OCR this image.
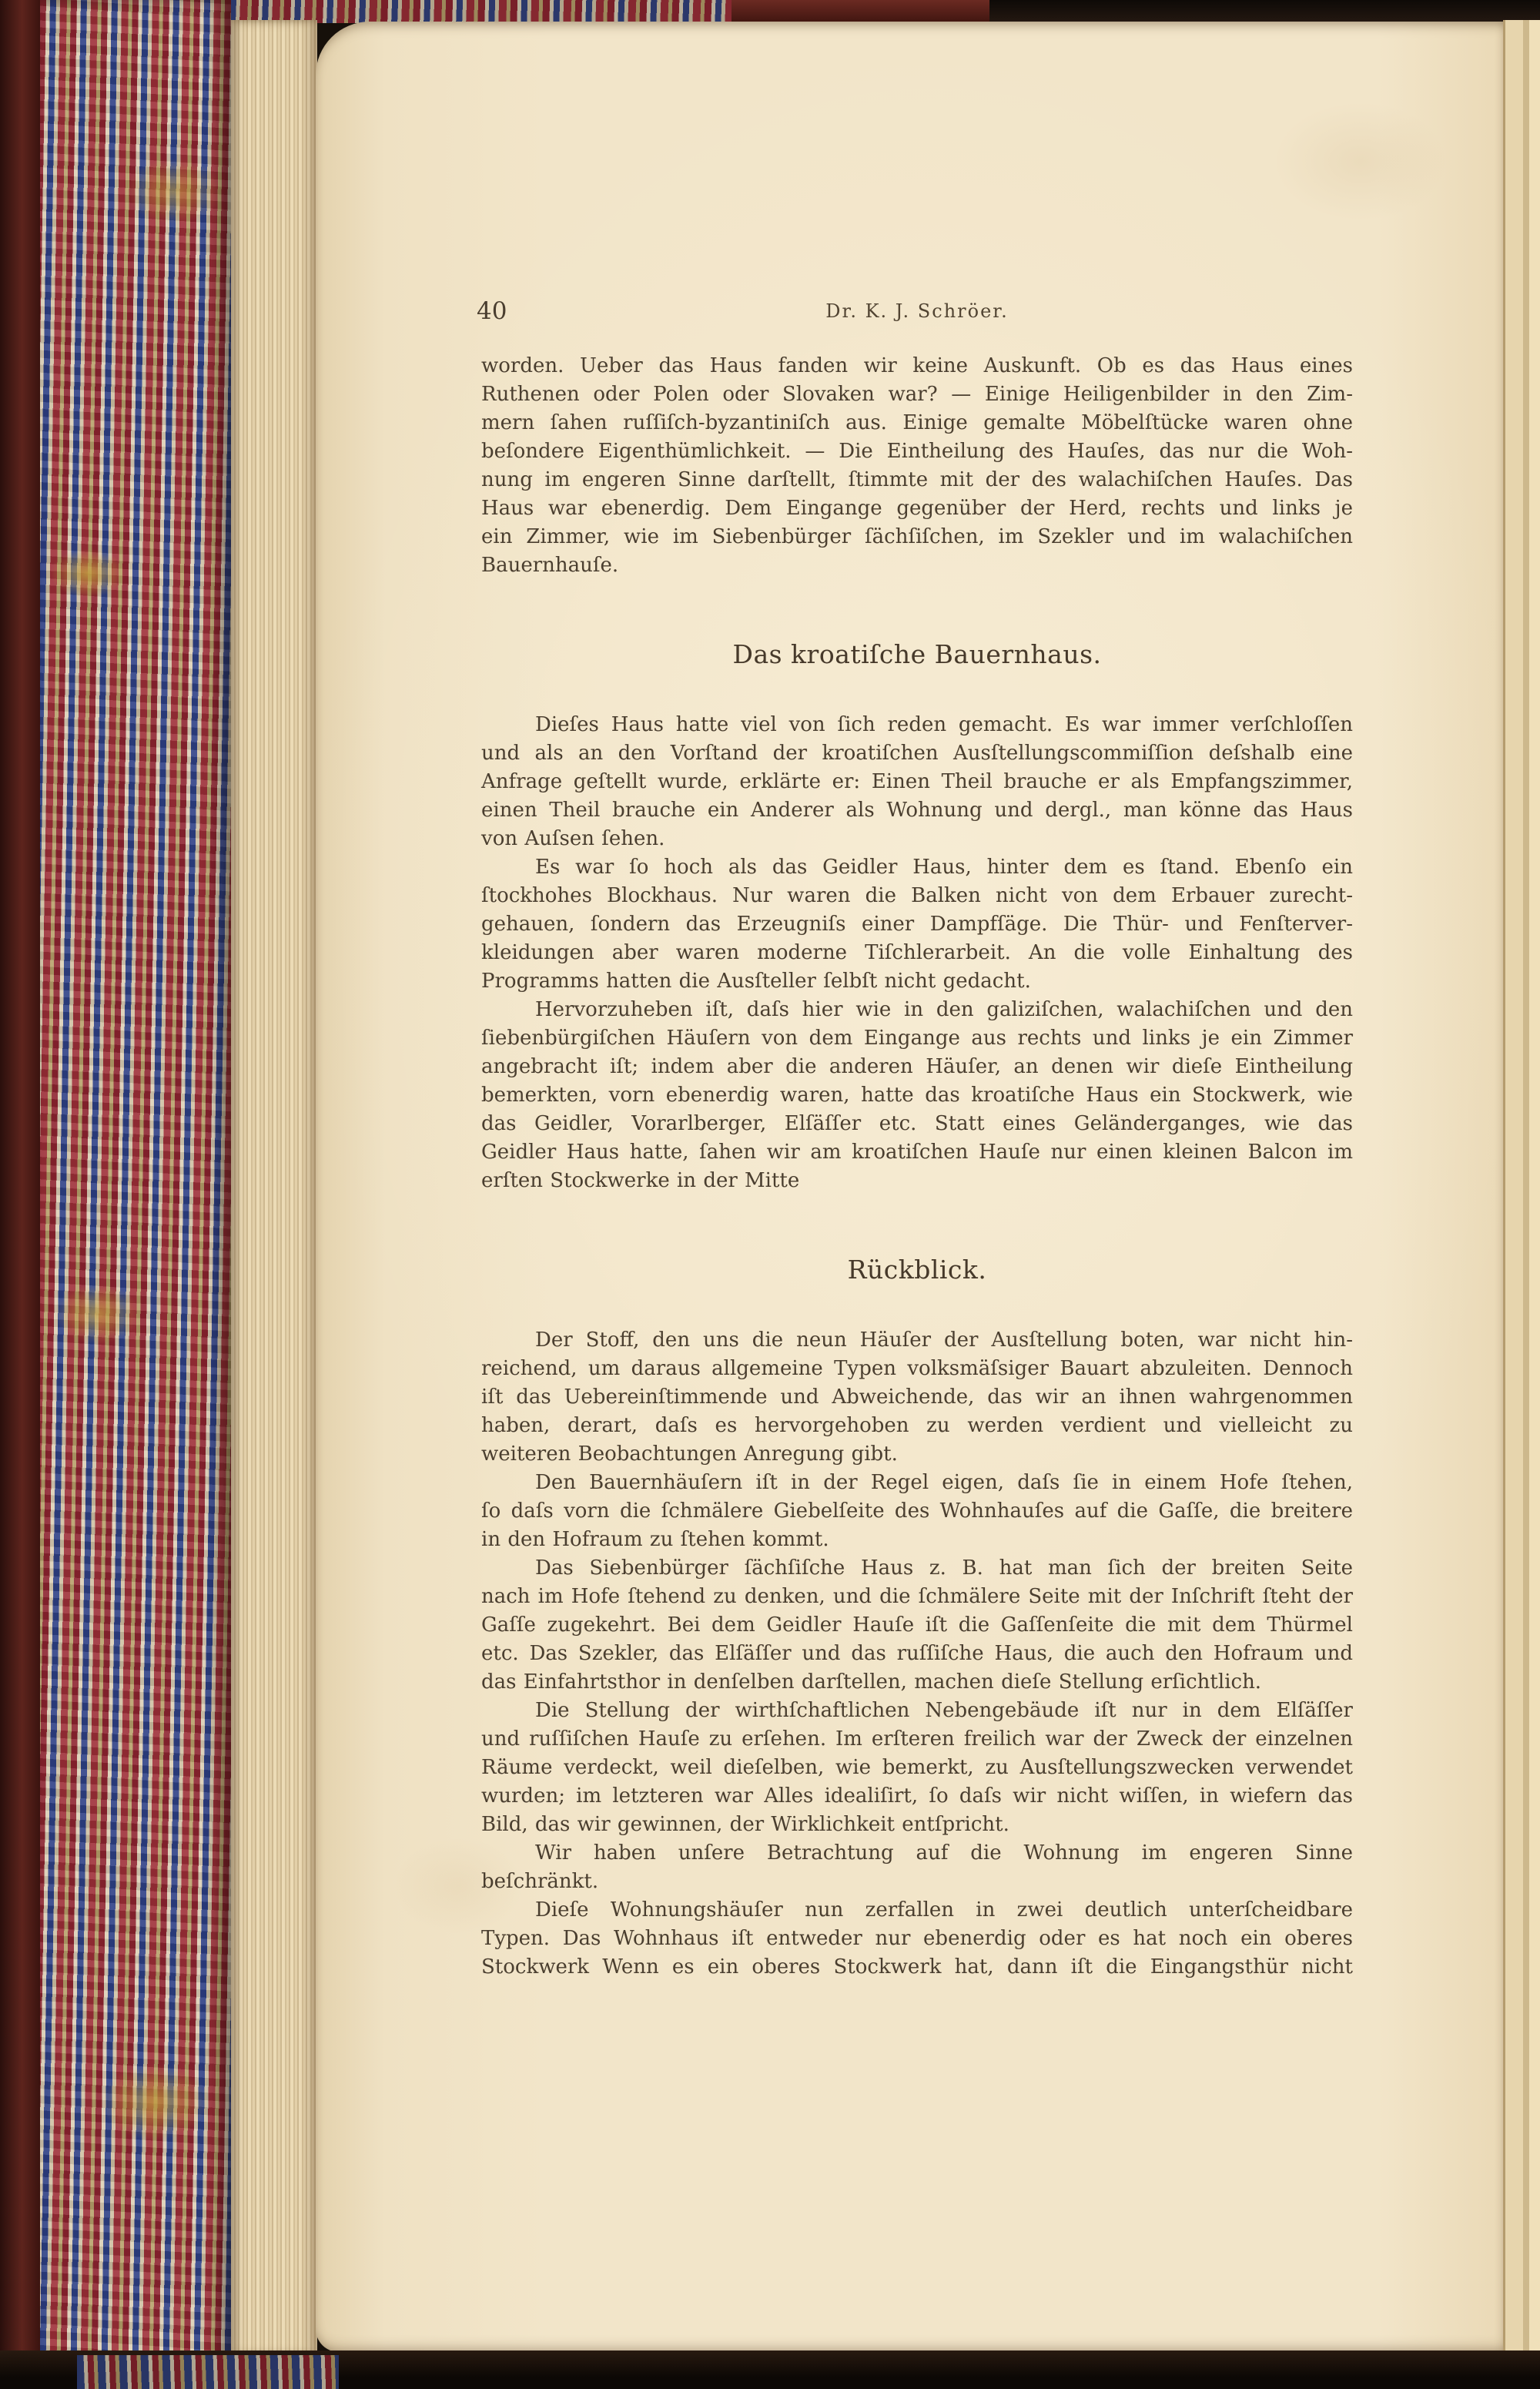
40	Dr. K. J. Schröer.
worden. Ueber das Haus fanden wir keine Auskunft. Ob es das Haus eines
Ruthenen oder Polen oder Slovaken war? — Einige Heiligenbilder in den Zim-
mern ſahen ruſſiſch-byzantiniſch aus. Einige gemalte Möbelſtücke waren ohne
beſondere Eigenthümlichkeit. — Die Eintheilung des Hauſes, das nur die Woh-
nung im engeren Sinne darſtellt, ſtimmte mit der des walachiſchen Hauſes. Das
Haus war ebenerdig. Dem Eingange gegenüber der Herd, rechts und links je
ein Zimmer, wie im Siebenbürger ſächſiſchen, im Szekler und im walachiſchen
Bauernhauſe.
Das kroatiſche Bauernhaus.
Dieſes Haus hatte viel von ſich reden gemacht. Es war immer verſchloſſen
und als an den Vorſtand der kroatiſchen Ausſtellungscommiſſion deſshalb eine
Anfrage geſtellt wurde, erklärte er: Einen Theil brauche er als Empfangszimmer,
einen Theil brauche ein Anderer als Wohnung und dergl., man könne das Haus
von Auſsen ſehen.
Es war ſo hoch als das Geidler Haus, hinter dem es ſtand. Ebenſo ein
ſtockhohes Blockhaus. Nur waren die Balken nicht von dem Erbauer zurecht-
gehauen, ſondern das Erzeugniſs einer Dampfſäge. Die Thür- und Fenſterver-
kleidungen aber waren moderne Tiſchlerarbeit. An die volle Einhaltung des
Programms hatten die Ausſteller ſelbſt nicht gedacht.
Hervorzuheben iſt, daſs hier wie in den galiziſchen, walachiſchen und den
ſiebenbürgiſchen Häuſern von dem Eingange aus rechts und links je ein Zimmer
angebracht iſt; indem aber die anderen Häuſer, an denen wir dieſe Eintheilung
bemerkten, vorn ebenerdig waren, hatte das kroatiſche Haus ein Stockwerk, wie
das Geidler, Vorarlberger, Elſäſſer etc. Statt eines Geländerganges, wie das
Geidler Haus hatte, ſahen wir am kroatiſchen Hauſe nur einen kleinen Balcon im
erſten Stockwerke in der Mitte
Rückblick.
Der Stoff, den uns die neun Häuſer der Ausſtellung boten, war nicht hin-
reichend, um daraus allgemeine Typen volksmäſsiger Bauart abzuleiten. Dennoch
iſt das Uebereinſtimmende und Abweichende, das wir an ihnen wahrgenommen
haben, derart, daſs es hervorgehoben zu werden verdient und vielleicht zu
weiteren Beobachtungen Anregung gibt.
Den Bauernhäuſern iſt in der Regel eigen, daſs ſie in einem Hofe ſtehen,
ſo daſs vorn die ſchmälere Giebelſeite des Wohnhauſes auf die Gaſſe, die breitere
in den Hofraum zu ſtehen kommt.
Das Siebenbürger ſächſiſche Haus z. B. hat man ſich der breiten Seite
nach im Hofe ſtehend zu denken, und die ſchmälere Seite mit der Inſchrift ſteht der
Gaſſe zugekehrt. Bei dem Geidler Hauſe iſt die Gaſſenſeite die mit dem Thürmel
etc. Das Szekler, das Elſäſſer und das ruſſiſche Haus, die auch den Hofraum und
das Einfahrtsthor in denſelben darſtellen, machen dieſe Stellung erſichtlich.
Die Stellung der wirthſchaftlichen Nebengebäude iſt nur in dem Elſäſſer
und ruſſiſchen Hauſe zu erſehen. Im erſteren freilich war der Zweck der einzelnen
Räume verdeckt, weil dieſelben, wie bemerkt, zu Ausſtellungszwecken verwendet
wurden; im letzteren war Alles idealiſirt, ſo daſs wir nicht wiſſen, in wiefern das
Bild, das wir gewinnen, der Wirklichkeit entſpricht.
Wir haben unſere Betrachtung auf die Wohnung im engeren Sinne
beſchränkt.
Dieſe Wohnungshäuſer nun zerfallen in zwei deutlich unterſcheidbare
Typen. Das Wohnhaus iſt entweder nur ebenerdig oder es hat noch ein oberes
Stockwerk Wenn es ein oberes Stockwerk hat, dann iſt die Eingangsthür nicht
